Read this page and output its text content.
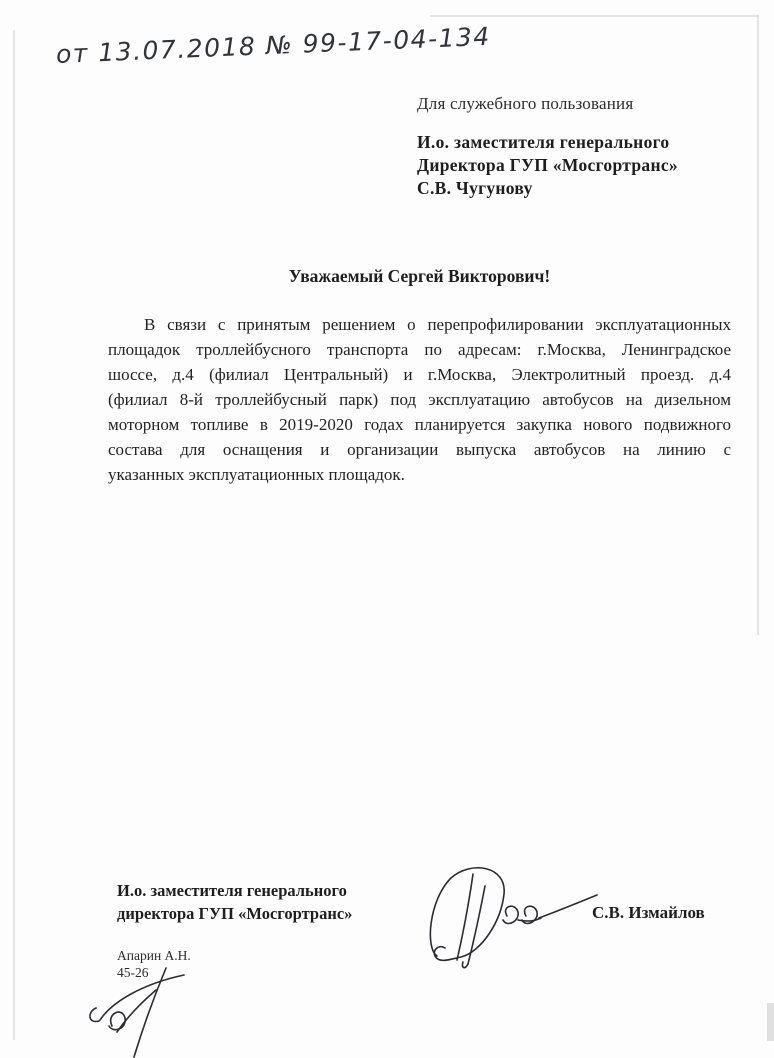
от 13.07.2018 № 99-17-04-134
Для служебного пользования
И.о. заместителя генерального
Директора ГУП «Мосгортранс»
С.В. Чугунову
Уважаемый Сергей Викторович!
В связи с принятым решением о перепрофилировании эксплуатационных
площадок троллейбусного транспорта по адресам: г.Москва, Ленинградское
шоссе, д.4 (филиал Центральный) и г.Москва, Электролитный проезд. д.4
(филиал 8-й троллейбусный парк) под эксплуатацию автобусов на дизельном
моторном топливе в 2019-2020 годах планируется закупка нового подвижного
состава для оснащения и организации выпуска автобусов на линию с
указанных эксплуатационных площадок.
И.о. заместителя генерального
директора ГУП «Мосгортранс»	С.В. Измайлов
Апарин А.Н.
45-26
